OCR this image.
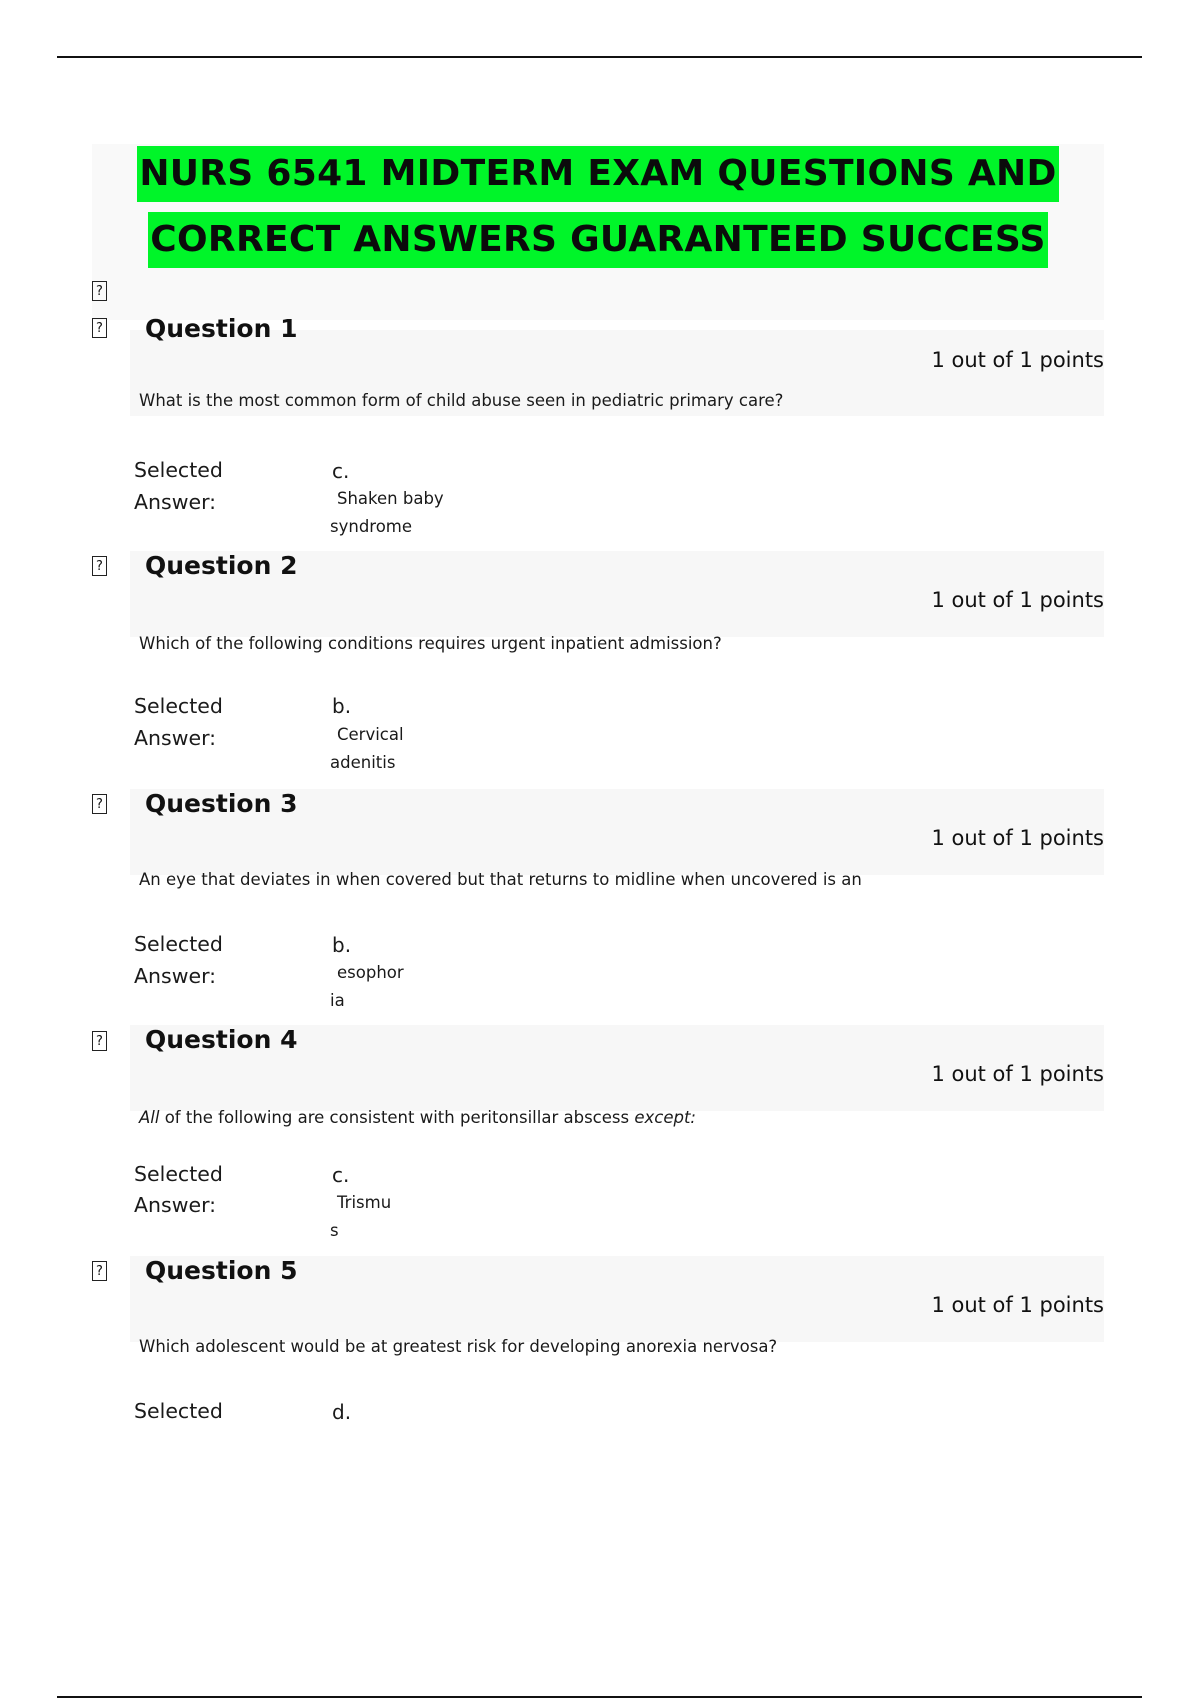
NURS 6541 MIDTERM EXAM QUESTIONS AND
CORRECT ANSWERS GUARANTEED SUCCESS
?
? Question 1
1 out of 1 points
What is the most common form of child abuse seen in pediatric primary care?
Selected
Answer:
c.
Shaken baby
syndrome
? Question 2
1 out of 1 points
Which of the following conditions requires urgent inpatient admission?
Selected
Answer:
b.
Cervical
adenitis
? Question 3
1 out of 1 points
An eye that deviates in when covered but that returns to midline when uncovered is an
Selected
Answer:
b.
esophor
ia
? Question 4
1 out of 1 points
All of the following are consistent with peritonsillar abscess except:
Selected
Answer:
c.
Trismu
s
? Question 5
1 out of 1 points
Which adolescent would be at greatest risk for developing anorexia nervosa?
Selected	d.
